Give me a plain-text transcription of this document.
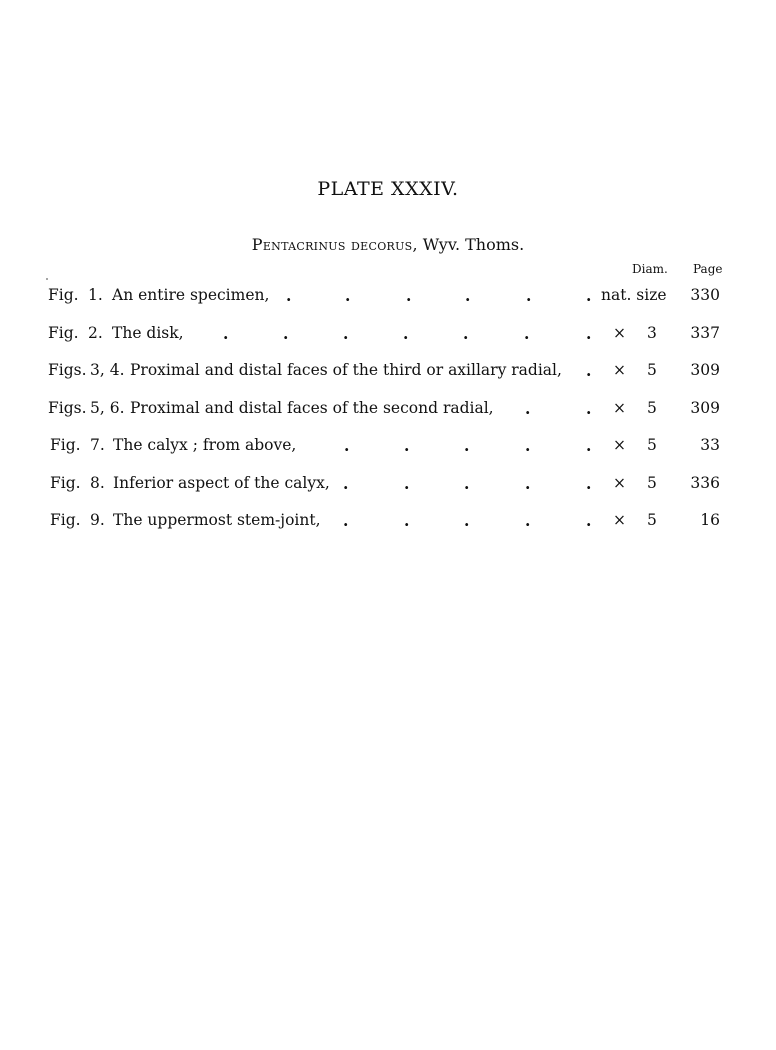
PLATE XXXIV.
Pentacrinus decorus, Wyv. Thoms.
Diam. Page
Fig. 1. An entire specimen, .	.	.	.	.	. nat. size	330
Fig. 2. The disk,	.	.	.	.	.	.	. × 3	337
Figs. 3, 4. Proximal and distal faces of the third or axillary radial, . × 5	309
Figs. 5, 6. Proximal and distal faces of the second radial, .	. × 5	309
Fig. 7. The calyx ; from above,	.	.	.	.	. × 5	33
Fig. 8. Inferior aspect of the calyx, .	.	.	.	. × 5	336
Fig. 9. The uppermost stem-joint, .	.	.	.	. × 5	16
